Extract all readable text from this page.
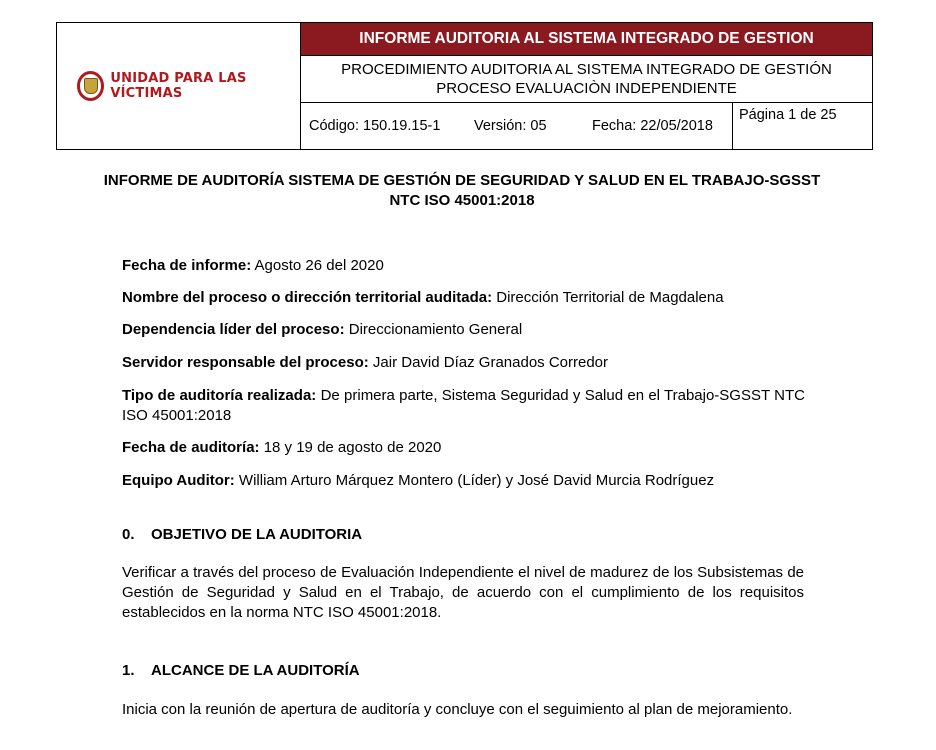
UNIDAD PARA LAS VÍCTIMAS
	INFORME AUDITORIA AL SISTEMA INTEGRADO DE GESTION

PROCEDIMIENTO AUDITORIA AL SISTEMA INTEGRADO DE GESTIÓN
PROCESO EVALUACIÒN INDEPENDIENTE

Código: 150.19.15-1	Versión: 05	Fecha: 22/05/2018
Página 1 de 25
INFORME DE AUDITORÍA SISTEMA DE GESTIÓN DE SEGURIDAD Y SALUD EN EL TRABAJO-SGSST NTC ISO 45001:2018
Fecha de informe: Agosto 26 del 2020
Nombre del proceso o dirección territorial auditada: Dirección Territorial de Magdalena
Dependencia líder del proceso: Direccionamiento General
Servidor responsable del proceso: Jair David Díaz Granados Corredor
Tipo de auditoría realizada: De primera parte, Sistema Seguridad y Salud en el Trabajo-SGSST NTC ISO 45001:2018
Fecha de auditoría: 18 y 19 de agosto de 2020
Equipo Auditor: William Arturo Márquez Montero (Líder) y José David Murcia Rodríguez
0. OBJETIVO DE LA AUDITORIA
Verificar a través del proceso de Evaluación Independiente el nivel de madurez de los Subsistemas de Gestión de Seguridad y Salud en el Trabajo, de acuerdo con el cumplimiento de los requisitos establecidos en la norma NTC ISO 45001:2018.
1. ALCANCE DE LA AUDITORÍA
Inicia con la reunión de apertura de auditoría y concluye con el seguimiento al plan de mejoramiento.
